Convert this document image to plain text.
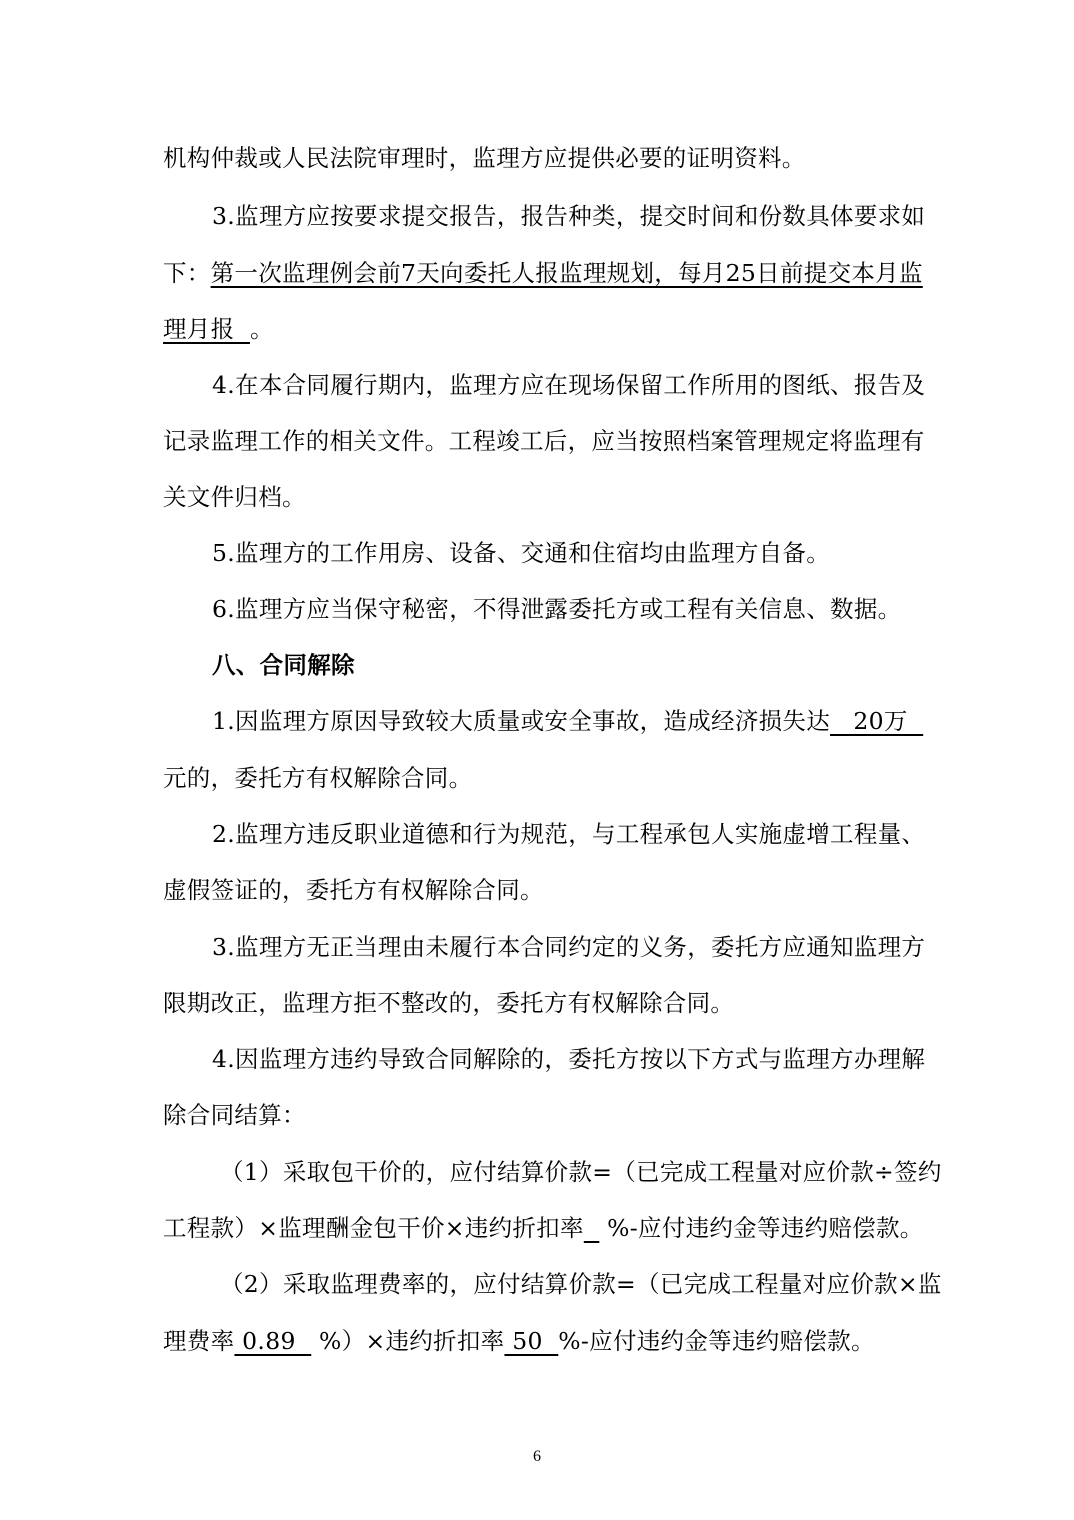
机构仲裁或人民法院审理时，监理方应提供必要的证明资料。
3.监理方应按要求提交报告，报告种类，提交时间和份数具体要求如
下：第一次监理例会前7天向委托人报监理规划，每月25日前提交本月监
理月报  。
4.在本合同履行期内，监理方应在现场保留工作所用的图纸、报告及
记录监理工作的相关文件。工程竣工后，应当按照档案管理规定将监理有
关文件归档。
5.监理方的工作用房、设备、交通和住宿均由监理方自备。
6.监理方应当保守秘密，不得泄露委托方或工程有关信息、数据。
八、合同解除
1.因监理方原因导致较大质量或安全事故，造成经济损失达   20万
元的，委托方有权解除合同。
2.监理方违反职业道德和行为规范，与工程承包人实施虚增工程量、
虚假签证的，委托方有权解除合同。
3.监理方无正当理由未履行本合同约定的义务，委托方应通知监理方
限期改正，监理方拒不整改的，委托方有权解除合同。
4.因监理方违约导致合同解除的，委托方按以下方式与监理方办理解
除合同结算：
（1）采取包干价的，应付结算价款=（已完成工程量对应价款÷签约
工程款）×监理酬金包干价×违约折扣率   %-应付违约金等违约赔偿款。
（2）采取监理费率的，应付结算价款=（已完成工程量对应价款×监
理费率 0.89   %）×违约折扣率 50  %-应付违约金等违约赔偿款。
6
